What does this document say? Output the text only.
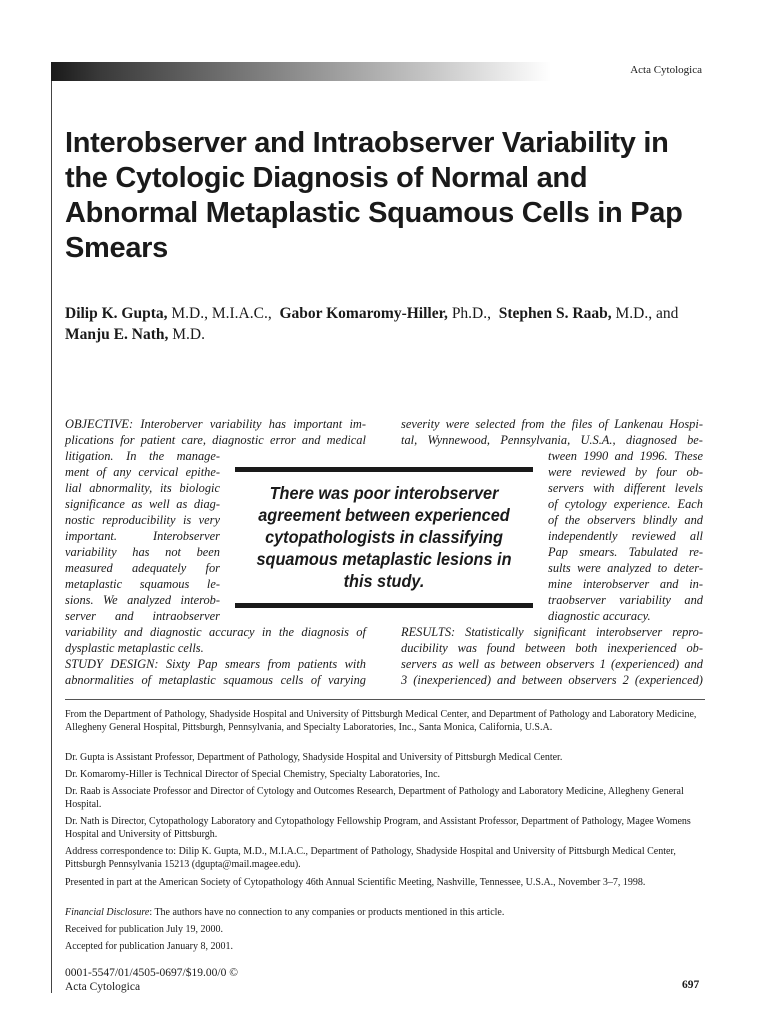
Acta Cytologica
Interobserver and Intraobserver Variability in the Cytologic Diagnosis of Normal and Abnormal Metaplastic Squamous Cells in Pap Smears
Dilip K. Gupta, M.D., M.I.A.C., Gabor Komaromy-Hiller, Ph.D., Stephen S. Raab, M.D., and  Manju E. Nath, M.D.

OBJECTIVE: Interoberver variability has important im-

plications for patient care, diagnostic error and medical

litigation. In the manage-

ment of any cervical epithe-

lial abnormality, its biologic

significance as well as diag-

nostic reproducibility is very

important.	Interobserver

variability has not been

measured adequately for

metaplastic squamous le-

sions. We analyzed interob-

server and intraobserver

variability and diagnostic accuracy in the diagnosis of

dysplastic metaplastic cells.

STUDY DESIGN: Sixty Pap smears from patients with

abnormalities of metaplastic squamous cells of varying

severity were selected from the files of Lankenau Hospi-

tal, Wynnewood, Pennsylvania, U.S.A., diagnosed be-

tween 1990 and 1996. These

were reviewed by four ob-

servers with different levels

of cytology experience. Each

of the observers blindly and

independently reviewed all

Pap smears. Tabulated re-

sults were analyzed to deter-

mine interobserver and in-

traobserver variability and

diagnostic accuracy.

RESULTS: Statistically significant interobserver repro-

ducibility was found between both inexperienced ob-

servers as well as between observers 1 (experienced) and

3 (inexperienced) and between observers 2 (experienced)

There was poor interobserver agreement between experienced cytopathologists in classifying squamous metaplastic lesions in this study.

From the Department of Pathology, Shadyside Hospital and University of Pittsburgh Medical Center, and Department of Pathology and Laboratory Medicine, Allegheny General Hospital, Pittsburgh, Pennsylvania, and Specialty Laboratories, Inc., Santa Monica, California, U.S.A.

Dr. Gupta is Assistant Professor, Department of Pathology, Shadyside Hospital and University of Pittsburgh Medical Center.

Dr. Komaromy-Hiller is Technical Director of Special Chemistry, Specialty Laboratories, Inc.

Dr. Raab is Associate Professor and Director of Cytology and Outcomes Research, Department of Pathology and Laboratory Medicine, Allegheny General Hospital.

Dr. Nath is Director, Cytopathology Laboratory and Cytopathology Fellowship Program, and Assistant Professor, Department of Pathology, Magee Womens Hospital and University of Pittsburgh.

Address correspondence to: Dilip K. Gupta, M.D., M.I.A.C., Department of Pathology, Shadyside Hospital and University of Pittsburgh Medical Center, Pittsburgh Pennsylvania 15213 (dgupta@mail.magee.edu).

Presented in part at the American Society of Cytopathology 46th Annual Scientific Meeting, Nashville, Tennessee, U.S.A., November 3–7, 1998.

Financial Disclosure: The authors have no connection to any companies or products mentioned in this article.

Received for publication July 19, 2000.

Accepted for publication January 8, 2001.

0001-5547/01/4505-0697/$19.00/0 ©
Acta Cytologica	697
